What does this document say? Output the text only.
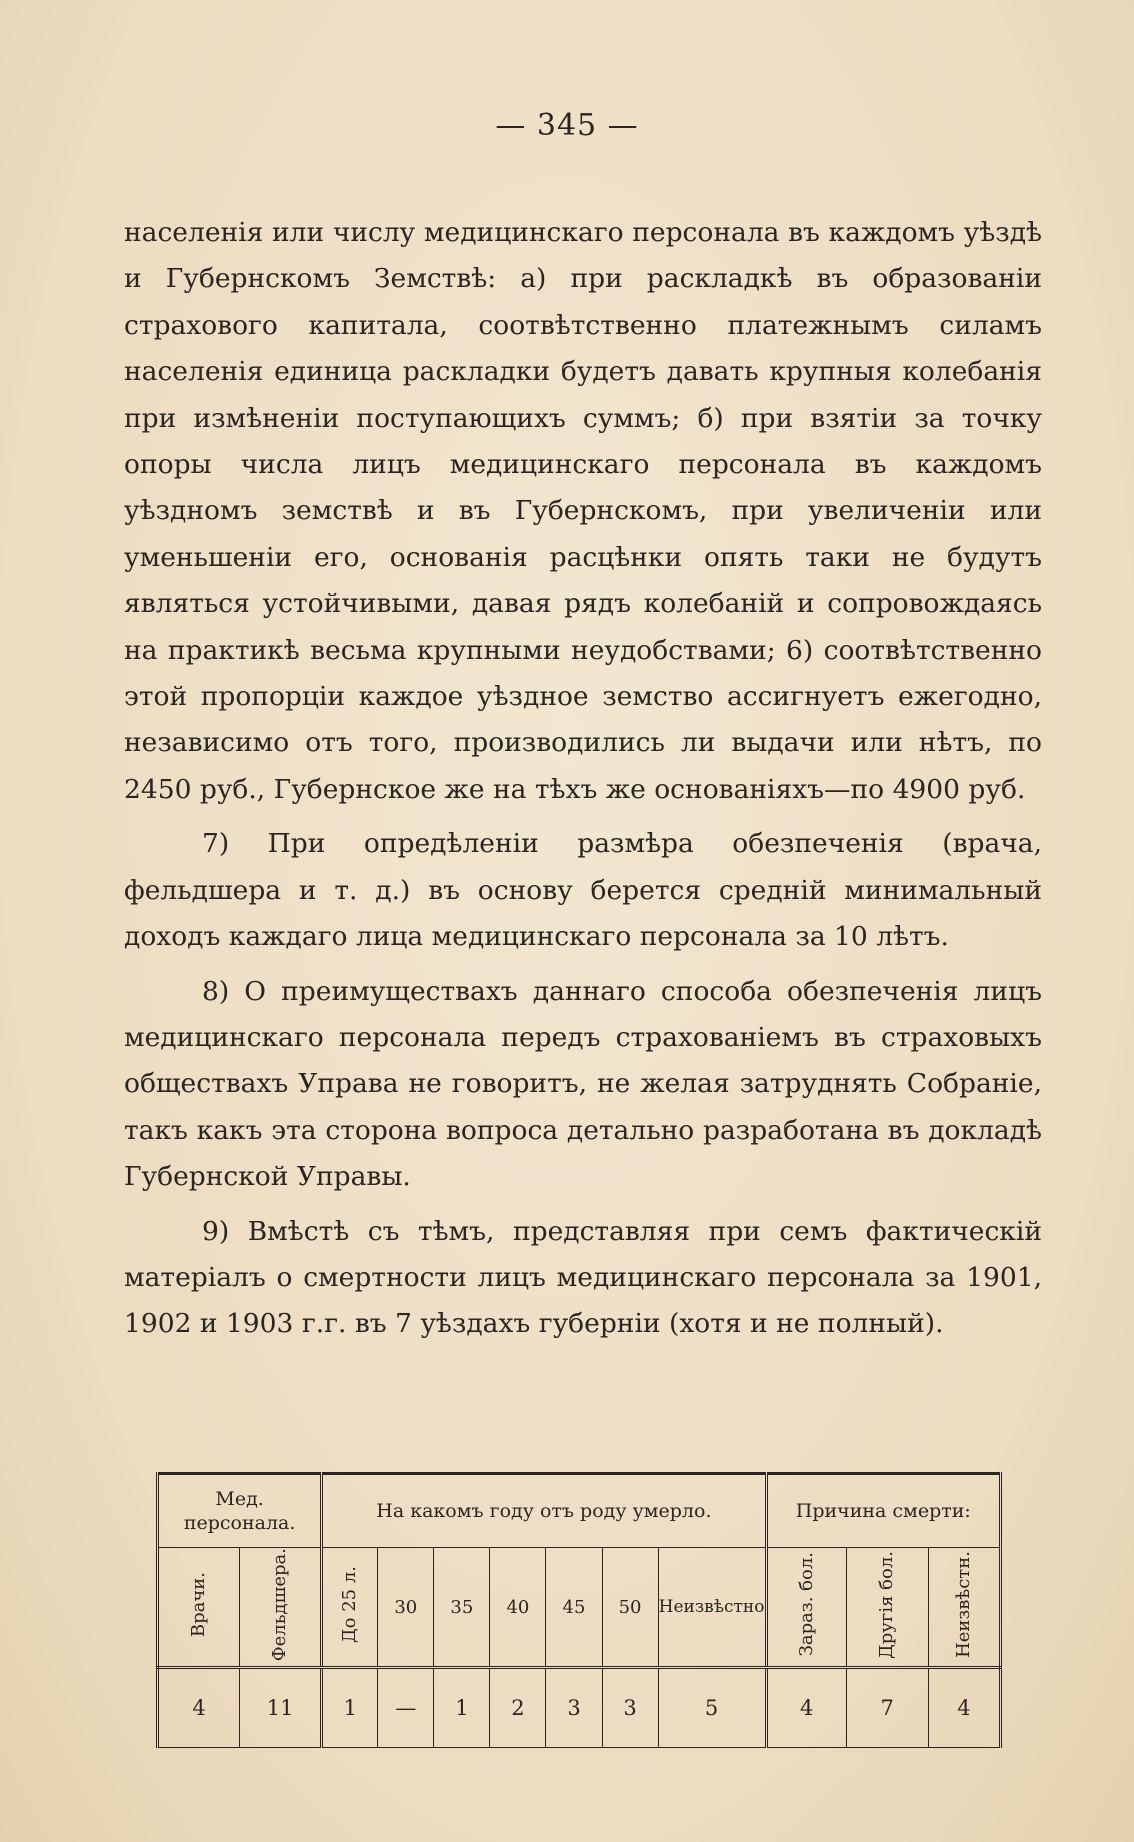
— 345 —

населенія или числу медицинскаго персонала въ каждомъ уѣздѣ и Губернскомъ Земствѣ: а) при раскладкѣ въ образованіи страхового капитала, соотвѣтственно платежнымъ силамъ населенія единица раскладки будетъ давать крупныя колебанія при измѣненіи поступающихъ суммъ; б) при взятіи за точку опоры числа лицъ медицинскаго персонала въ каждомъ уѣздномъ земствѣ и въ Губернскомъ, при увеличеніи или уменьшеніи его, основанія расцѣнки опять таки не будутъ являться устойчивыми, давая рядъ колебаній и сопровождаясь на практикѣ весьма крупными неудобствами; 6) соотвѣтственно этой пропорціи каждое уѣздное земство ассигнуетъ ежегодно, независимо отъ того, производились ли выдачи или нѣтъ, по 2450 руб., Губернское же на тѣхъ же основаніяхъ—по 4900 руб.

7) При опредѣленіи размѣра обезпеченія (врача, фельдшера и т. д.) въ основу берется среднiй минимальный доходъ каждаго лица медицинскаго персонала за 10 лѣтъ.

8) О преимуществахъ даннаго способа обезпеченія лицъ медицинскаго персонала передъ страхованіемъ въ страховыхъ обществахъ Управа не говоритъ, не желая затруднять Собраніе, такъ какъ эта сторона вопроса детально разработана въ докладѣ Губернской Управы.

9) Вмѣстѣ съ тѣмъ, представляя при семъ фактическій матеріалъ о смертности лицъ медицинскаго персонала за 1901, 1902 и 1903 г.г. въ 7 уѣздахъ губерніи (хотя и не полный).

Мед. персонала.		На какомъ году отъ роду умерло.							Причина смерти:		
Врачи.	Фельдшера.	До 25 л.	30	35	40	45	50	Неизвѣстно	Зараз. бол.	Другія бол.	Неизвѣстн.
4	11	1	—	1	2	3	3	5	4	7	4
